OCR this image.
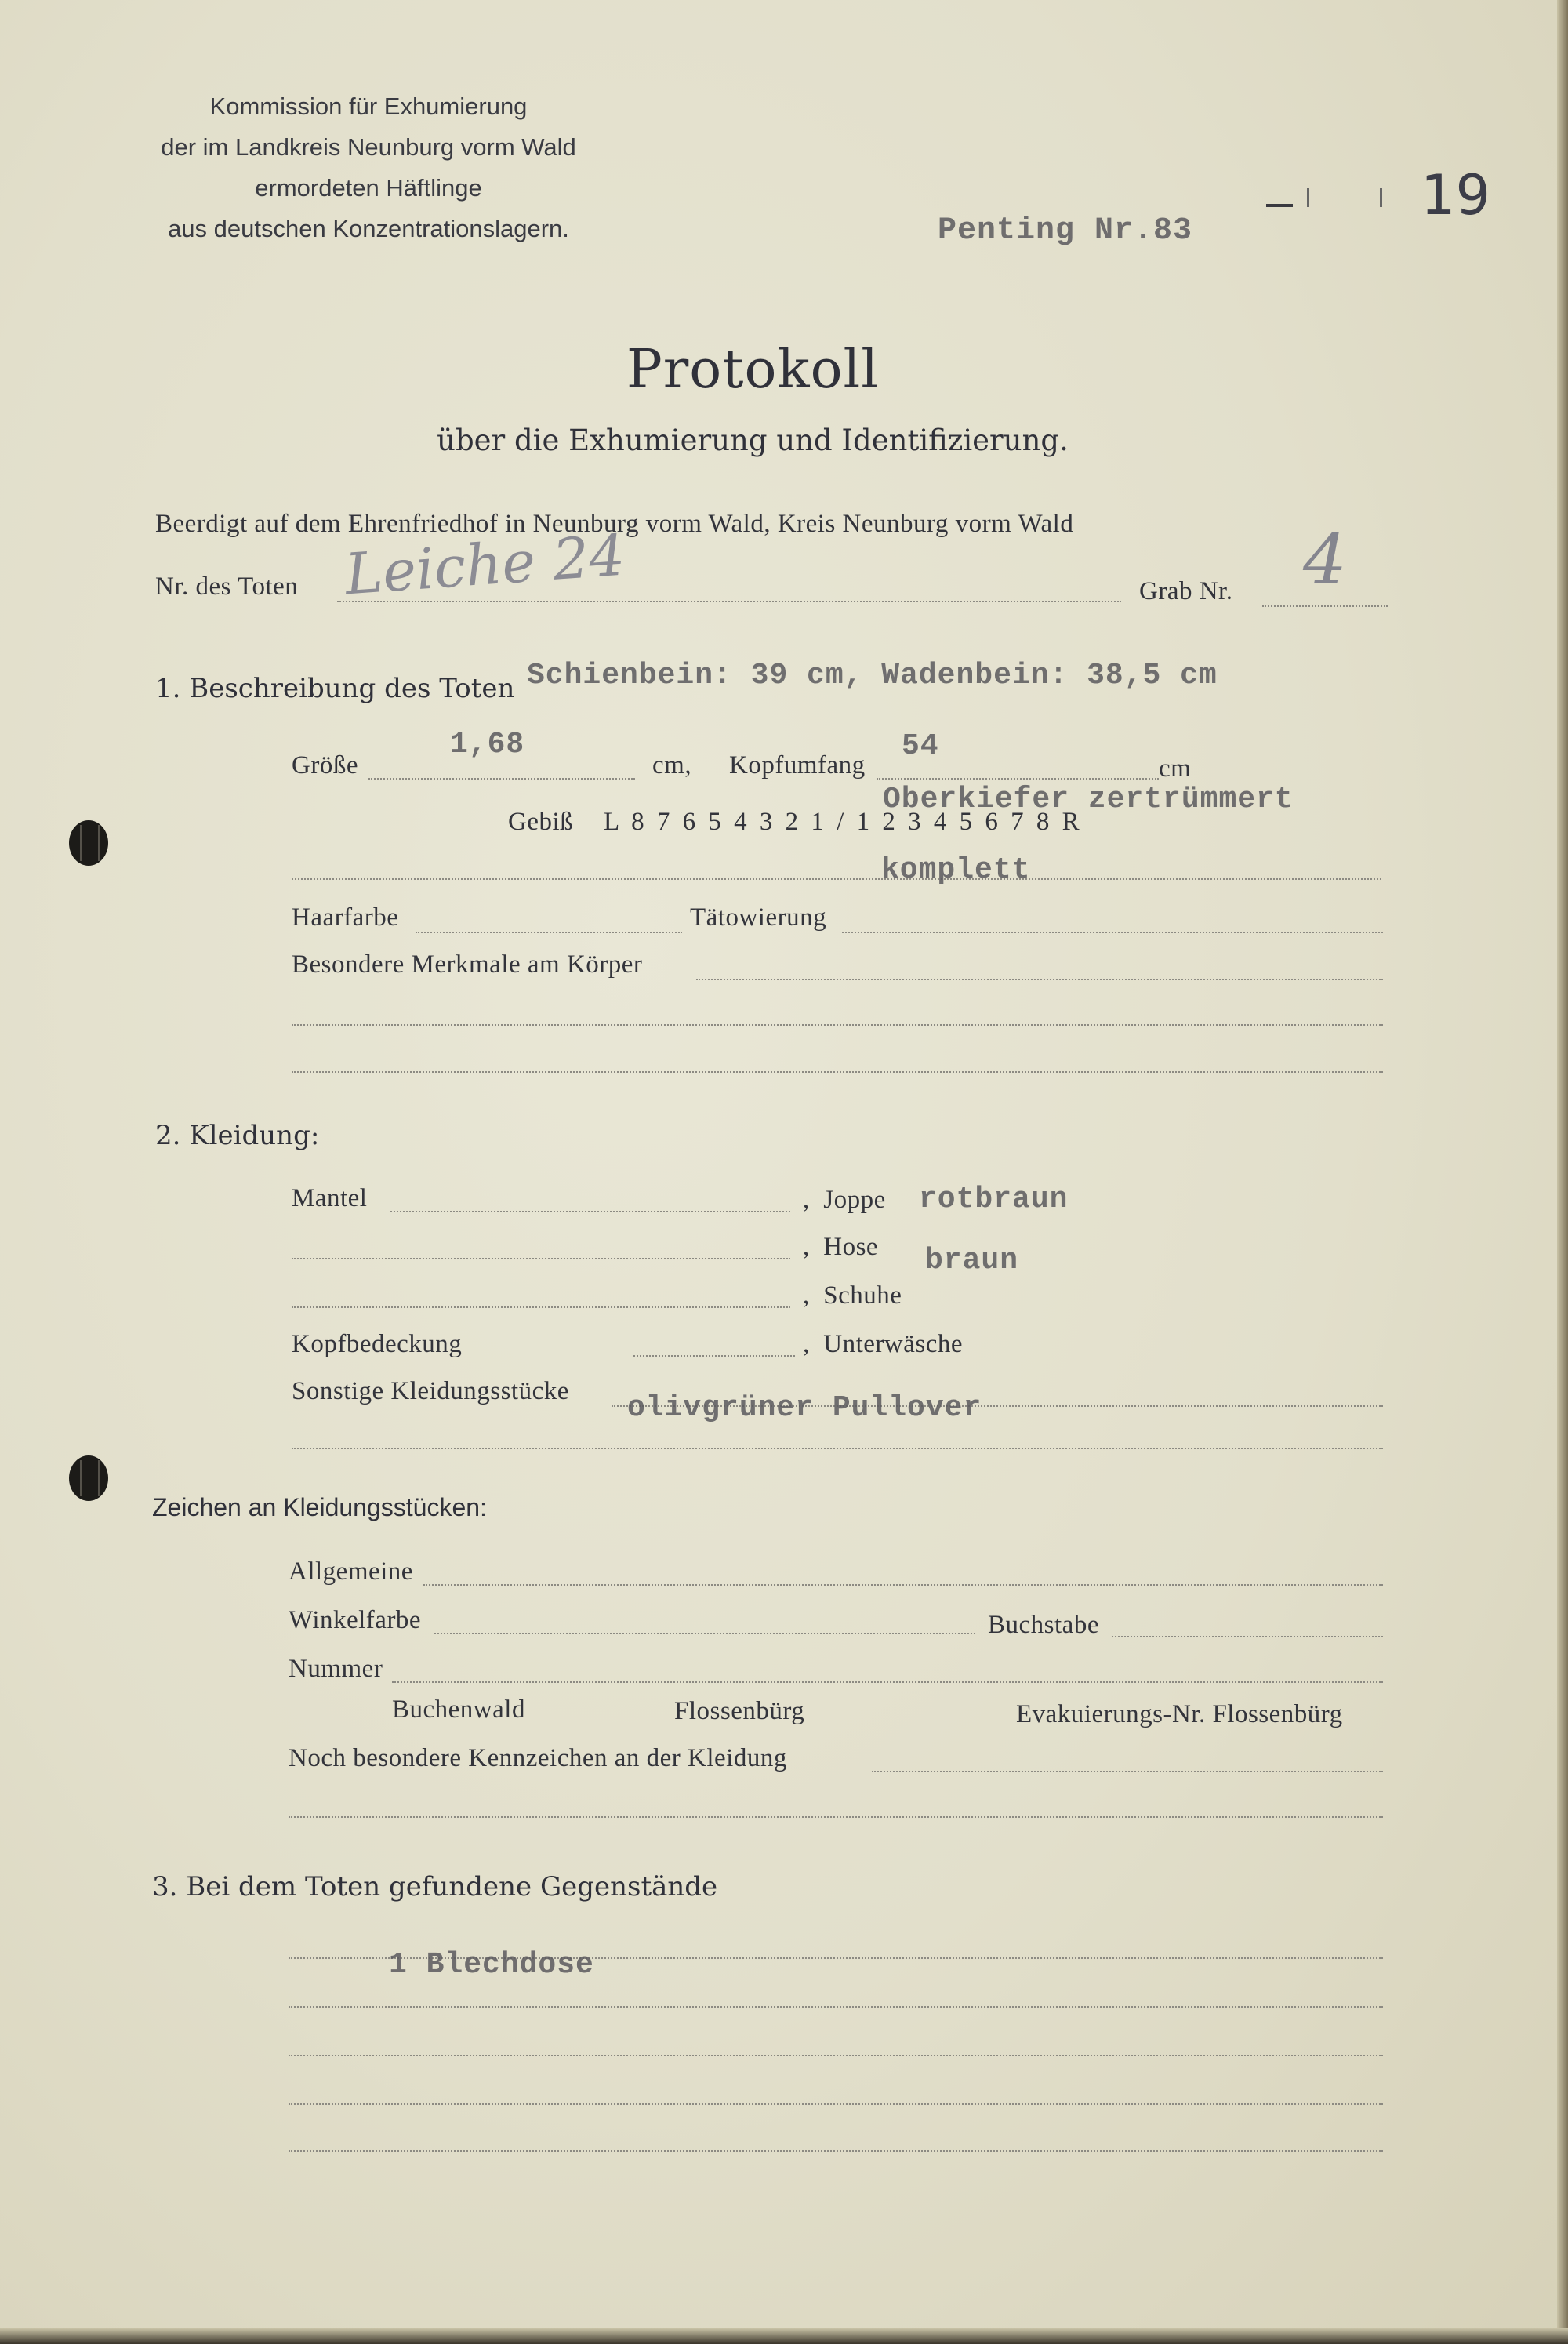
Kommission für Exhumierung
der im Landkreis Neunburg vorm Wald
ermordeten Häftlinge
aus deutschen Konzentrationslagern.	Penting Nr.83
19
Protokoll
über die Exhumierung und Identifizierung.
Beerdigt auf dem Ehrenfriedhof in Neunburg vorm Wald, Kreis Neunburg vorm Wald
Nr. des Toten Leiche 24	Grab Nr. 4
1. Beschreibung des Toten Schienbein: 39 cm, Wadenbein: 38,5 cm
Größe
1,68
cm, Kopfumfang
54
cm
Gebiß L 8 7 6 5 4 3 2 1 / 1 2 3 4 5 6 7 8 R
Oberkiefer zertrümmert
komplett
Haarfarbe	Tätowierung
Besondere Merkmale am Körper
2. Kleidung:
Mantel	,  Joppe rotbraun
,  Hose braun
,  Schuhe
Kopfbedeckung	,  Unterwäsche
Sonstige Kleidungsstücke olivgrüner Pullover
Zeichen an Kleidungsstücken:
Allgemeine
Winkelfarbe	Buchstabe
Nummer
Buchenwald	Flossenbürg	Evakuierungs-Nr. Flossenbürg
Noch besondere Kennzeichen an der Kleidung
3. Bei dem Toten gefundene Gegenstände
1 Blechdose
